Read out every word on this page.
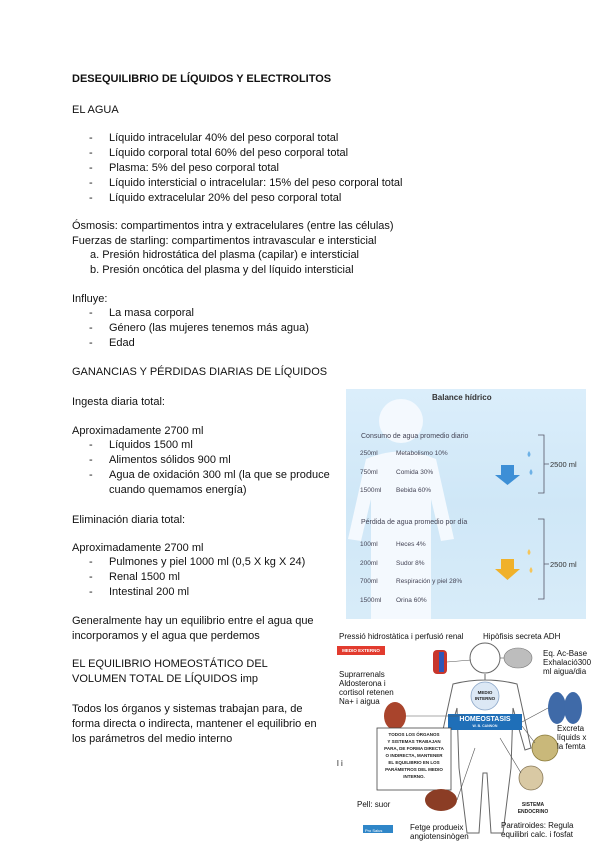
DESEQUILIBRIO DE LÍQUIDOS Y ELECTROLITOS
EL AGUA
- Líquido intracelular 40% del peso corporal total
- Líquido corporal total 60% del peso corporal total
- Plasma: 5% del peso corporal total
- Líquido intersticial o intracelular: 15% del peso corporal total
- Líquido extracelular 20% del peso corporal total
Ósmosis: compartimentos intra y extracelulares (entre las células)
Fuerzas de starling: compartimentos intravascular e intersticial
a. Presión hidrostática del plasma (capilar) e intersticial
b. Presión oncótica del plasma y del líquido intersticial
Influye:
- La masa corporal
- Género (las mujeres tenemos más agua)
- Edad
GANANCIAS Y PÉRDIDAS DIARIAS DE LÍQUIDOS
Ingesta diaria total:
Aproximadamente 2700 ml
- Líquidos 1500 ml
- Alimentos sólidos 900 ml
- Agua de oxidación 300 ml (la que se produce
cuando quemamos energía)
Eliminación diaria total:
Aproximadamente 2700 ml
- Pulmones y piel 1000 ml (0,5 X kg X 24)
- Renal 1500 ml
- Intestinal 200 ml
Generalmente hay un equilibrio entre el agua que
incorporamos y el agua que perdemos
EL EQUILIBRIO HOMEOSTÁTICO DEL
VOLUMEN TOTAL DE LÍQUIDOS imp
Todos los órganos y sistemas trabajan para, de
forma directa o indirecta, mantener el equilibrio en
los parámetros del medio interno
Balance hídrico
Consumo de agua promedio diario
250ml	Metabolismo 10%
750ml	Comida 30%
1500ml Bebida 60%
2500 ml
Pérdida de agua promedio por día
100ml	Heces 4%
200ml	Sudor 8%
700ml	Respiración y piel 28%
1500ml Orina 60%
2500 ml
Pressió hidrostàtica i perfusió renal Hipòfisis secreta ADH
MEDIO EXTERNO
Suprarrenals
Aldosterona i
cortisol retenen
Na+ i aigua
Eq. Ac-Base
Exhalació300
ml aigua/dia
MEDIO
INTERNO
HOMEOSTASIS
W. B. CANNON	Excreta
líquids x
la femta
TODOS LOS ÓRGANOS
Y SISTEMAS TRABAJAN
PARA, DE FORMA DIRECTA
O INDIRECTA, MANTENER
EL EQUILIBRIO EN LOS
PARÁMETROS DEL MEDIO
INTERNO.
l i
Pell: suor
Fetge produeix
angiotensinògen
SISTEMA
ENDOCRINO
Paratiroides: Regula
equilibri calc. i fosfat
Pro Salus
